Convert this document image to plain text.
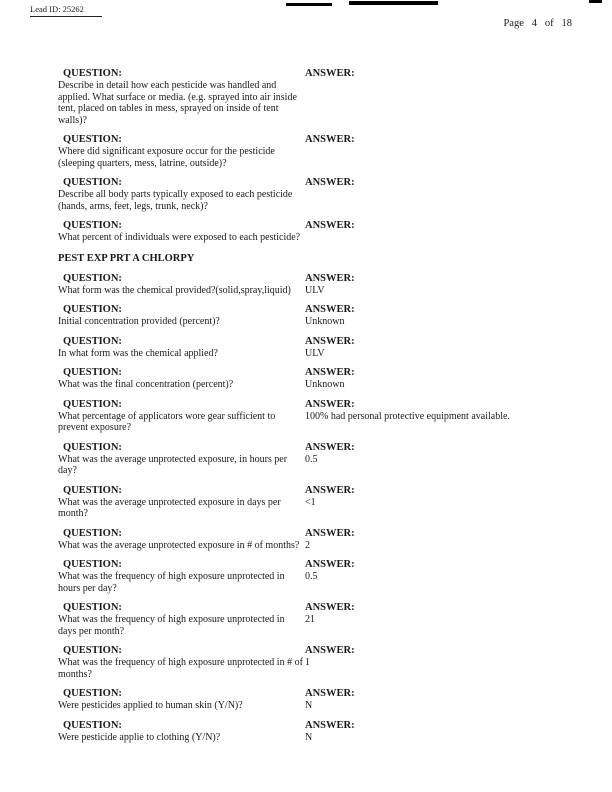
Lead ID: 25262
Page   4   of   18
QUESTION:
Describe in detail how each pesticide was handled and applied. What surface or media. (e.g. sprayed into air inside tent, placed on tables in mess, sprayed on inside of tent walls)?
ANSWER:
QUESTION:
Where did significant exposure occur for the pesticide (sleeping quarters, mess, latrine, outside)?
ANSWER:
QUESTION:
Describe all body parts typically exposed to each pesticide (hands, arms, feet, legs, trunk, neck)?
ANSWER:
QUESTION:
What percent of individuals were exposed to each pesticide?
ANSWER:
PEST EXP PRT A CHLORPY
QUESTION:
What form was the chemical provided?(solid,spray,liquid)
ANSWER:
ULV
QUESTION:
Initial concentration provided (percent)?
ANSWER:
Unknown
QUESTION:
In what form was the chemical applied?
ANSWER:
ULV
QUESTION:
What was the final concentration (percent)?
ANSWER:
Unknown
QUESTION:
What percentage of applicators wore gear sufficient to prevent exposure?
ANSWER:
100% had personal protective equipment available.
QUESTION:
What was the average unprotected exposure, in hours per day?
ANSWER:
0.5
QUESTION:
What was the average unprotected exposure in days per month?
ANSWER:
<1
QUESTION:
What was the average unprotected exposure in # of months?
ANSWER:
2
QUESTION:
What was the frequency of high exposure unprotected in hours per day?
ANSWER:
0.5
QUESTION:
What was the frequency of high exposure unprotected in days per month?
ANSWER:
21
QUESTION:
What was the frequency of high exposure unprotected in # of months?
ANSWER:
1
QUESTION:
Were pesticides applied to human skin (Y/N)?
ANSWER:
N
QUESTION:
Were pesticide applie to clothing (Y/N)?
ANSWER:
N
